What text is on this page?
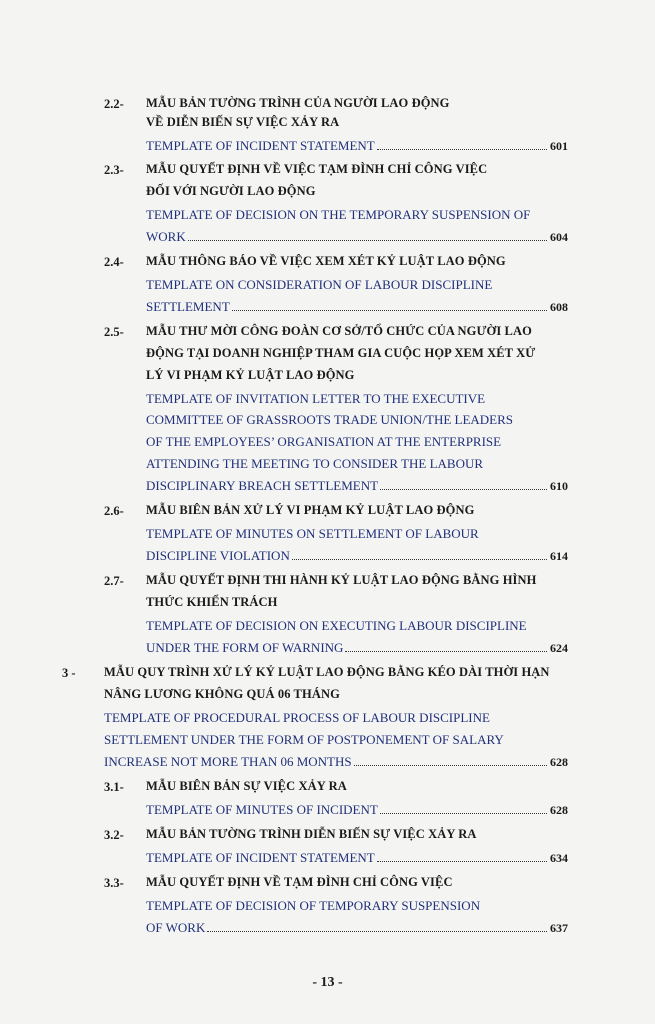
2.2- MẪU BẢN TƯỜNG TRÌNH CỦA NGƯỜI LAO ĐỘNG
VỀ DIỄN BIẾN SỰ VIỆC XẢY RA
TEMPLATE OF INCIDENT STATEMENT	601
2.3- MẪU QUYẾT ĐỊNH VỀ VIỆC TẠM ĐÌNH CHỈ CÔNG VIỆC
ĐỐI VỚI NGƯỜI LAO ĐỘNG
TEMPLATE OF DECISION ON THE TEMPORARY SUSPENSION OF
WORK	604
2.4- MẪU THÔNG BÁO VỀ VIỆC XEM XÉT KỶ LUẬT LAO ĐỘNG
TEMPLATE ON CONSIDERATION OF LABOUR DISCIPLINE
SETTLEMENT	608
2.5- MẪU THƯ MỜI CÔNG ĐOÀN CƠ SỞ/TỔ CHỨC CỦA NGƯỜI LAO
ĐỘNG TẠI DOANH NGHIỆP THAM GIA CUỘC HỌP XEM XÉT XỬ
LÝ VI PHẠM KỶ LUẬT LAO ĐỘNG
TEMPLATE OF INVITATION LETTER TO THE EXECUTIVE
COMMITTEE OF GRASSROOTS TRADE UNION/THE LEADERS
OF THE EMPLOYEES’ ORGANISATION AT THE ENTERPRISE
ATTENDING THE MEETING TO CONSIDER THE LABOUR
DISCIPLINARY BREACH SETTLEMENT	610
2.6- MẪU BIÊN BẢN XỬ LÝ VI PHẠM KỶ LUẬT LAO ĐỘNG
TEMPLATE OF MINUTES ON SETTLEMENT OF LABOUR
DISCIPLINE VIOLATION	614
2.7- MẪU QUYẾT ĐỊNH THI HÀNH KỶ LUẬT LAO ĐỘNG BẰNG HÌNH
THỨC KHIỂN TRÁCH
TEMPLATE OF DECISION ON EXECUTING LABOUR DISCIPLINE
UNDER THE FORM OF WARNING	624
3 - MẪU QUY TRÌNH XỬ LÝ KỶ LUẬT LAO ĐỘNG BẰNG KÉO DÀI THỜI HẠN
NÂNG LƯƠNG KHÔNG QUÁ 06 THÁNG
TEMPLATE OF PROCEDURAL PROCESS OF LABOUR DISCIPLINE
SETTLEMENT UNDER THE FORM OF POSTPONEMENT OF SALARY
INCREASE NOT MORE THAN 06 MONTHS	628
3.1- MẪU BIÊN BẢN SỰ VIỆC XẢY RA
TEMPLATE OF MINUTES OF INCIDENT	628
3.2- MẪU BẢN TƯỜNG TRÌNH DIỄN BIẾN SỰ VIỆC XẢY RA
TEMPLATE OF INCIDENT STATEMENT	634
3.3- MẪU QUYẾT ĐỊNH VỀ TẠM ĐÌNH CHỈ CÔNG VIỆC
TEMPLATE OF DECISION OF TEMPORARY SUSPENSION
OF WORK	637
- 13 -
